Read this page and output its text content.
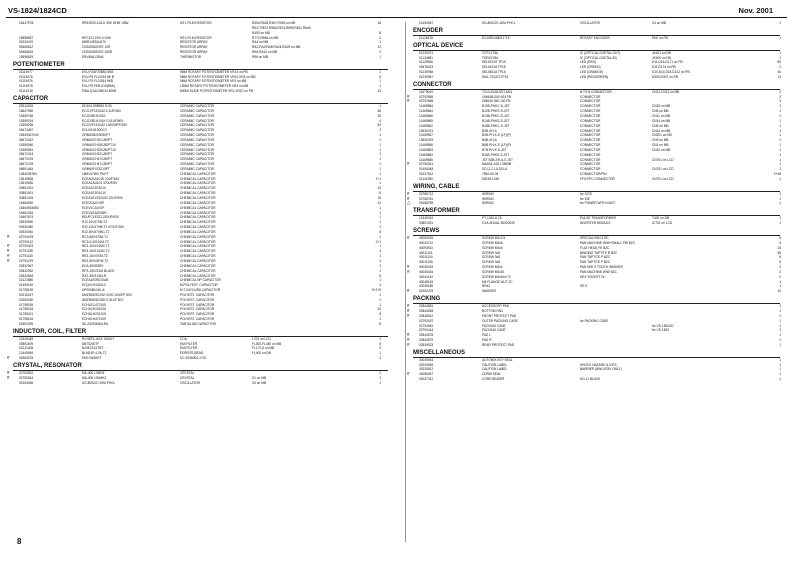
VS-1824/1824CD	Nov. 2001
15417F26	RRE2000-118-D 39K OHM 1/8W	MTL.FILM RESISTOR	R454,R528,R467,R494 on MB	16
R517,R572,R566,R574,R599,R611,R646,
R453 on MB	8
15598657	RPC10J 1R4 1/10W	MTL.FILM RESISTOR	R772,R584 on MB	2
00234470	MNR14E5AJ470	RESISTOR ARRAY	RA4 on MB	1
05466612	CND2D8ONTE 10R	RESISTOR ARRAY	RA1-RA3,RA8,RA24,RA25 on MB	12
05466615	CND2D8ONTE 150R	RESISTOR ARRAY	RA9,RA10 on MB	2
15598515	ERV45A125VA	THERMISTOR	R96 on MB	1
POTENTIOMETER
01114977	EVU F2AF20B53 5KB	9MM ROTARY POTENTIOMETER VR14 on PB	1
01114978	EVU F5 FL3 E45 8K B	9MM ROTARY POTENTIOMETER VR10-VR4 on MB	8
01114976	EVU F5 FL3 B54 5KB	9MM ROTARY POTENTIOMETER VR1 on MB	1
01114978	EVU F5 FEB A10(B5A)	12MM ROTARY POTENTIOMETER VR3 on MB	1
01114218	EWA Q1AC1B034 50KB	60MM SLIDE POTENTIOMETER VR1-VR10 on PB	13
CAPACITOR
03910033	DD104-993B56 R-50	CERAMIC CAPACITOR	1
16647050	ECJ1VF1E104Z,0.1UF/16V	CERAMIC CAPACITOR	46
15359766	ECJ2VB1H101K	CERAMIC CAPACITOR	25
15359764	ECJ2VB1H101K 0.01UF/50V	CERAMIC CAPACITOR	4
15359206	ECJ2VF1E104Z 100000PF/25V	CERAMIC CAPACITOR	54
06474467	ECUV1H100DCV	CERAMIC CAPACITOR	2
15549407040	GRM40B223K50PT	CERAMIC CAPACITOR	1
06672412	GRM40CH101J50PT	CERAMIC CAPACITOR	1
15359080	GRM40CH150J50PT10	CERAMIC CAPACITOR	1
15359081	GRM40CH220J50PT10	CERAMIC CAPACITOR	1
06672413	GRM40CH221J50PT	CERAMIC CAPACITOR	1
06672478	GRM40CH470J50PT	CERAMIC CAPACITOR	1
06672478	GRM40CH471J50PT	CERAMIC CAPACITOR	1
06691445	GRM40F475Z10PT	CERAMIC CAPACITOR	1
1364035780	16MV47WX PM+T	CHEMICAL CAPACITOR	1
13619608	ECEA0KA101E 10UF/16V	CHEMICAL CAPACITOR	1+1
13619630	ECEA1AU101 470UF/6V	CHEMICAL CAPACITOR	1
00891001	ECEA1E1R1010	CHEMICAL CAPACITOR	10
00891001	ECEA1E1R1010	CHEMICAL CAPACITOR	8
00891415	ECEA1EV222U00 22UF/50V	CHEMICAL CAPACITOR	16
15464930	ECEV0A101SP	CHEMICAL CAPACITOR	12
15464934680	ECEV1CA470P	CHEMICAL CAPACITOR	1
15461254	ECEV1EA1R25R	CHEMICAL CAPACITOR	1
15461874	EEUFC1E221 220UF/63V	CHEMICAL CAPACITOR	1
03930690	RJ2-10V470M-T2	CHEMICAL CAPACITOR	1
03930450	RJ2-10V470M-T2 470UF/16V	CHEMICAL CAPACITOR	1
03930040	RJ2-50V470MC-T2	CHEMICAL CAPACITOR	8
#	02754478	RC3-65V470M-T2	CHEMICAL CAPACITOR	1
02790142	RC3-6.3V101M-T2	CHEMICAL CAPACITOR	2+1
#	02790423	RE3-10V221M2-T2	CHEMICAL CAPACITOR	1
#	02791290	RE3-16V101M2-T2	CHEMICAL CAPACITOR	4
#	02791130	RE3-16V470M-T2	CHEMICAL CAPACITOR	1
#	02791479	RE3-50V4R7M-T2	CHEMICAL CAPACITOR	1
02832567	ECA-63VB3R0	CHEMICAL CAPACITOR	1
02832052	RFS-16V221M BLACK	CHEMICAL CAPACITOR	1
02832654	RX2-35V101M-R	CHEMICAL CAPACITOR	5
02123580	ECEA1E0S010UB	CHEMICAL NP CAPACITOR	1
01454192	ECQV1H103JL3	M.POLYEST. CAPACITOR	1
01798159	UP050B104K-A	M.T.ZAYCURA CAPACITOR	5+2+5
00216247	AMZ9050E101K 0200 1000PF 50V	POLYEST. CAPACITOR	1
00250030	AMZ9050D103K 0.01UF 50V	POLYEST. CAPACITOR	1
01798165	ECHU1C472JX5	POLYEST. CAPACITOR	1
01798415	ECHU1H103JX5	POLYEST. CAPACITOR	20
01798421	ECHU1H222JX5	POLYEST. CAPACITOR	8
01798154	ECHU1H472JX5	POLYEST. CAPACITOR	1
01891099	SE-A100006M-RA	TANTALUM CAPACITOR	8
INDUCTOR, COIL, FILTER
12449449	RCH875-151K 150UH	COIL	L700 on LCD	1
00891009	SBT0240TF	EMI FILTER	FL300-FL340 on MB	5
02121405	N20E2124TR2	EMI FILTER	FL1-FL5 on MB	5
12449494	BLM31P-4-06-T2	FERRITE BEAD	FL400 on DB	1
#	02563078	EMI GASKET	UC-3035004-1*15	2
CRYSTAL, RESONATOR
#	02752602	MA-406 10MHZ	CRYSTAL	1
#	02752644	MA-406 100MHZ	CRYSTAL	X1 on MB	1
01454036	SG-8002JC 25M-PHCL	OSCILLATOR	X3 on MB	1
01454067	SG-8002JC-40M-PHCL	OSCILLATOR	X4 on MB	1
ENCODER
01126478	EC16R2454M 1*15	ROTARY ENCODER	EN2 on PB	1
OPTICAL DEVICE
01230074	TOTX178A	IC (OPTICAL DIGITAL OUT)	JK401 on DB	1
01134881	TORX178A	IC (OPTICAL DIGITAL IN)	JK400 on DB	1
01129946	SEL5221S TP15	LED (RED)	D11,D16-D171 on PB	80
00678423	SEL5421A TP15	LED (GREEN)	D11,D174 on PB	2
01230956	SEL5821A TP15	LED (ORANGE)	D10,D14,D18-D122 on PB	40
01230967	SML-724JC1TP15	LED (RED/GREEN)	D300-D307 on PB	13
CONNECTOR
11679044	TX10-4008-SST-M01	B TO B CONNECTOR	CN12,CN13 on MB	2
#	02792589	1456AB-050-003 FB	CONNECTOR	2
#	02792665	245640-050-100 FB	CONNECTOR	3
11469584	B10B-PHKC-S-JST	CONNECTOR	CN15 on MB	1
11469564	B12B-PHKS-S-JST	CONNECTOR	CN6 on MB	1
11469566	B13B-PHKC-S-JST	CONNECTOR	CN11 on MB	1
11469565	B14B-PHKS-S-JST	CONNECTOR	CN14 on MB	1
11469562	B15B-PHKC-S-JST	CONNECTOR	CN5 on MB	1
13630474	B2B-XH-A	CONNECTOR	CN14 on MB	1
11469567	B4B-PH-K-S (LF)(P)	CONNECTOR	CN201 on DB	1
13630475	B4B-XH-A	CONNECTOR	CN3 on MB	1
11469586	B6B-PH-K-S (LF)(P)	CONNECTOR	CN1 on MB	1
11469583	B7B-PH-K-S-JST	CONNECTOR	CN10 on MB	1
11469584	B11B-PHKS-S-JST	CONNECTOR	1
11469586	JST B3B-EH-A-S JST	CONNECTOR	CN701 on LCD	1
#	02754041	MA1B4-44SJ-2505B	CONNECTOR	1
01454445	S2J-2,2-10-320-A	CONNECTOR	CN701 on LCD	1
02237512	7550-60-04	CONNECTOR/PIN	2+45
01141990	52045-1245	FFC/FPC CONNECTOR	CN701 on LCD	1
WIRING, CABLE
#	02786712	WIRING	for SCSI	1
#	02786781	WIRING	for IDE	1
△	01658765	WIRING	for POWER WITH INLET	1
TRANSFORMER
12449415	PT-1024-6-15	PULSE TRANSFORMER	T400 on DB	1
00891091	CXA-M10AL 36000030	INVERTER MODULE	IC701 on LCD	1
SCREWS
#	40050016	SCREW M2x2.5	SPECIAL PAN 3 RC	6
40043712	SCREW M3x8	PAN MACHINE W/W+SMALL PW BZC	4
40093911	SCREW M3x8	FLAT HEAD FE BZC	15
40011101	SCREW 3x8	BINDING TAPTITE B BZC	55
40011104	SCREW 3x8	PAN TAPTITE P BZC	8
40011106	SCREW 3x8	PAN TAPTITE P BZC	8
#	40045319	SCREW M3x4	PAN W/E X TOOTH WASHER	2
#	40045334	SCREW M4x20	PAN MACHINE W/W BZC	2
40041134	SCREW M4x40x7.9	HEX SOCKET NI	2
40048145	M4 FLANGE NUT ZC	1
40235189	RING	SE-9	1
#	01902478	WASHER	10
PACKING
#	02844581	ACCESSORY PAD	1
#	02844048	BOTTOM PAD	1
#	02848512	FRONT PROTECT PAD	1
02792187	OUTER PACKING CASE	for PACKING CASE	1
02794081	PACKING CASE	for VS-1824CD	1
02794414	PACKING CASE	for VS-1824	1
#	02844578	PAD L	1
#	02844579	PAD R	1
#	02849523	REAR PROTECT PAD	1
MISCELLANEOUS
40049044	AUTOMIX KEY SEAL	1
40230545	CAUTION LABEL	SHOCK HAZARD & ICES	1
40230812	CAUTION LABEL	BARRIER (BW/1478V ONLY)	1
#	40056067	CDRW SEAL	1
40037412	CORD BINDER	NO.11 BLACK	1
8
